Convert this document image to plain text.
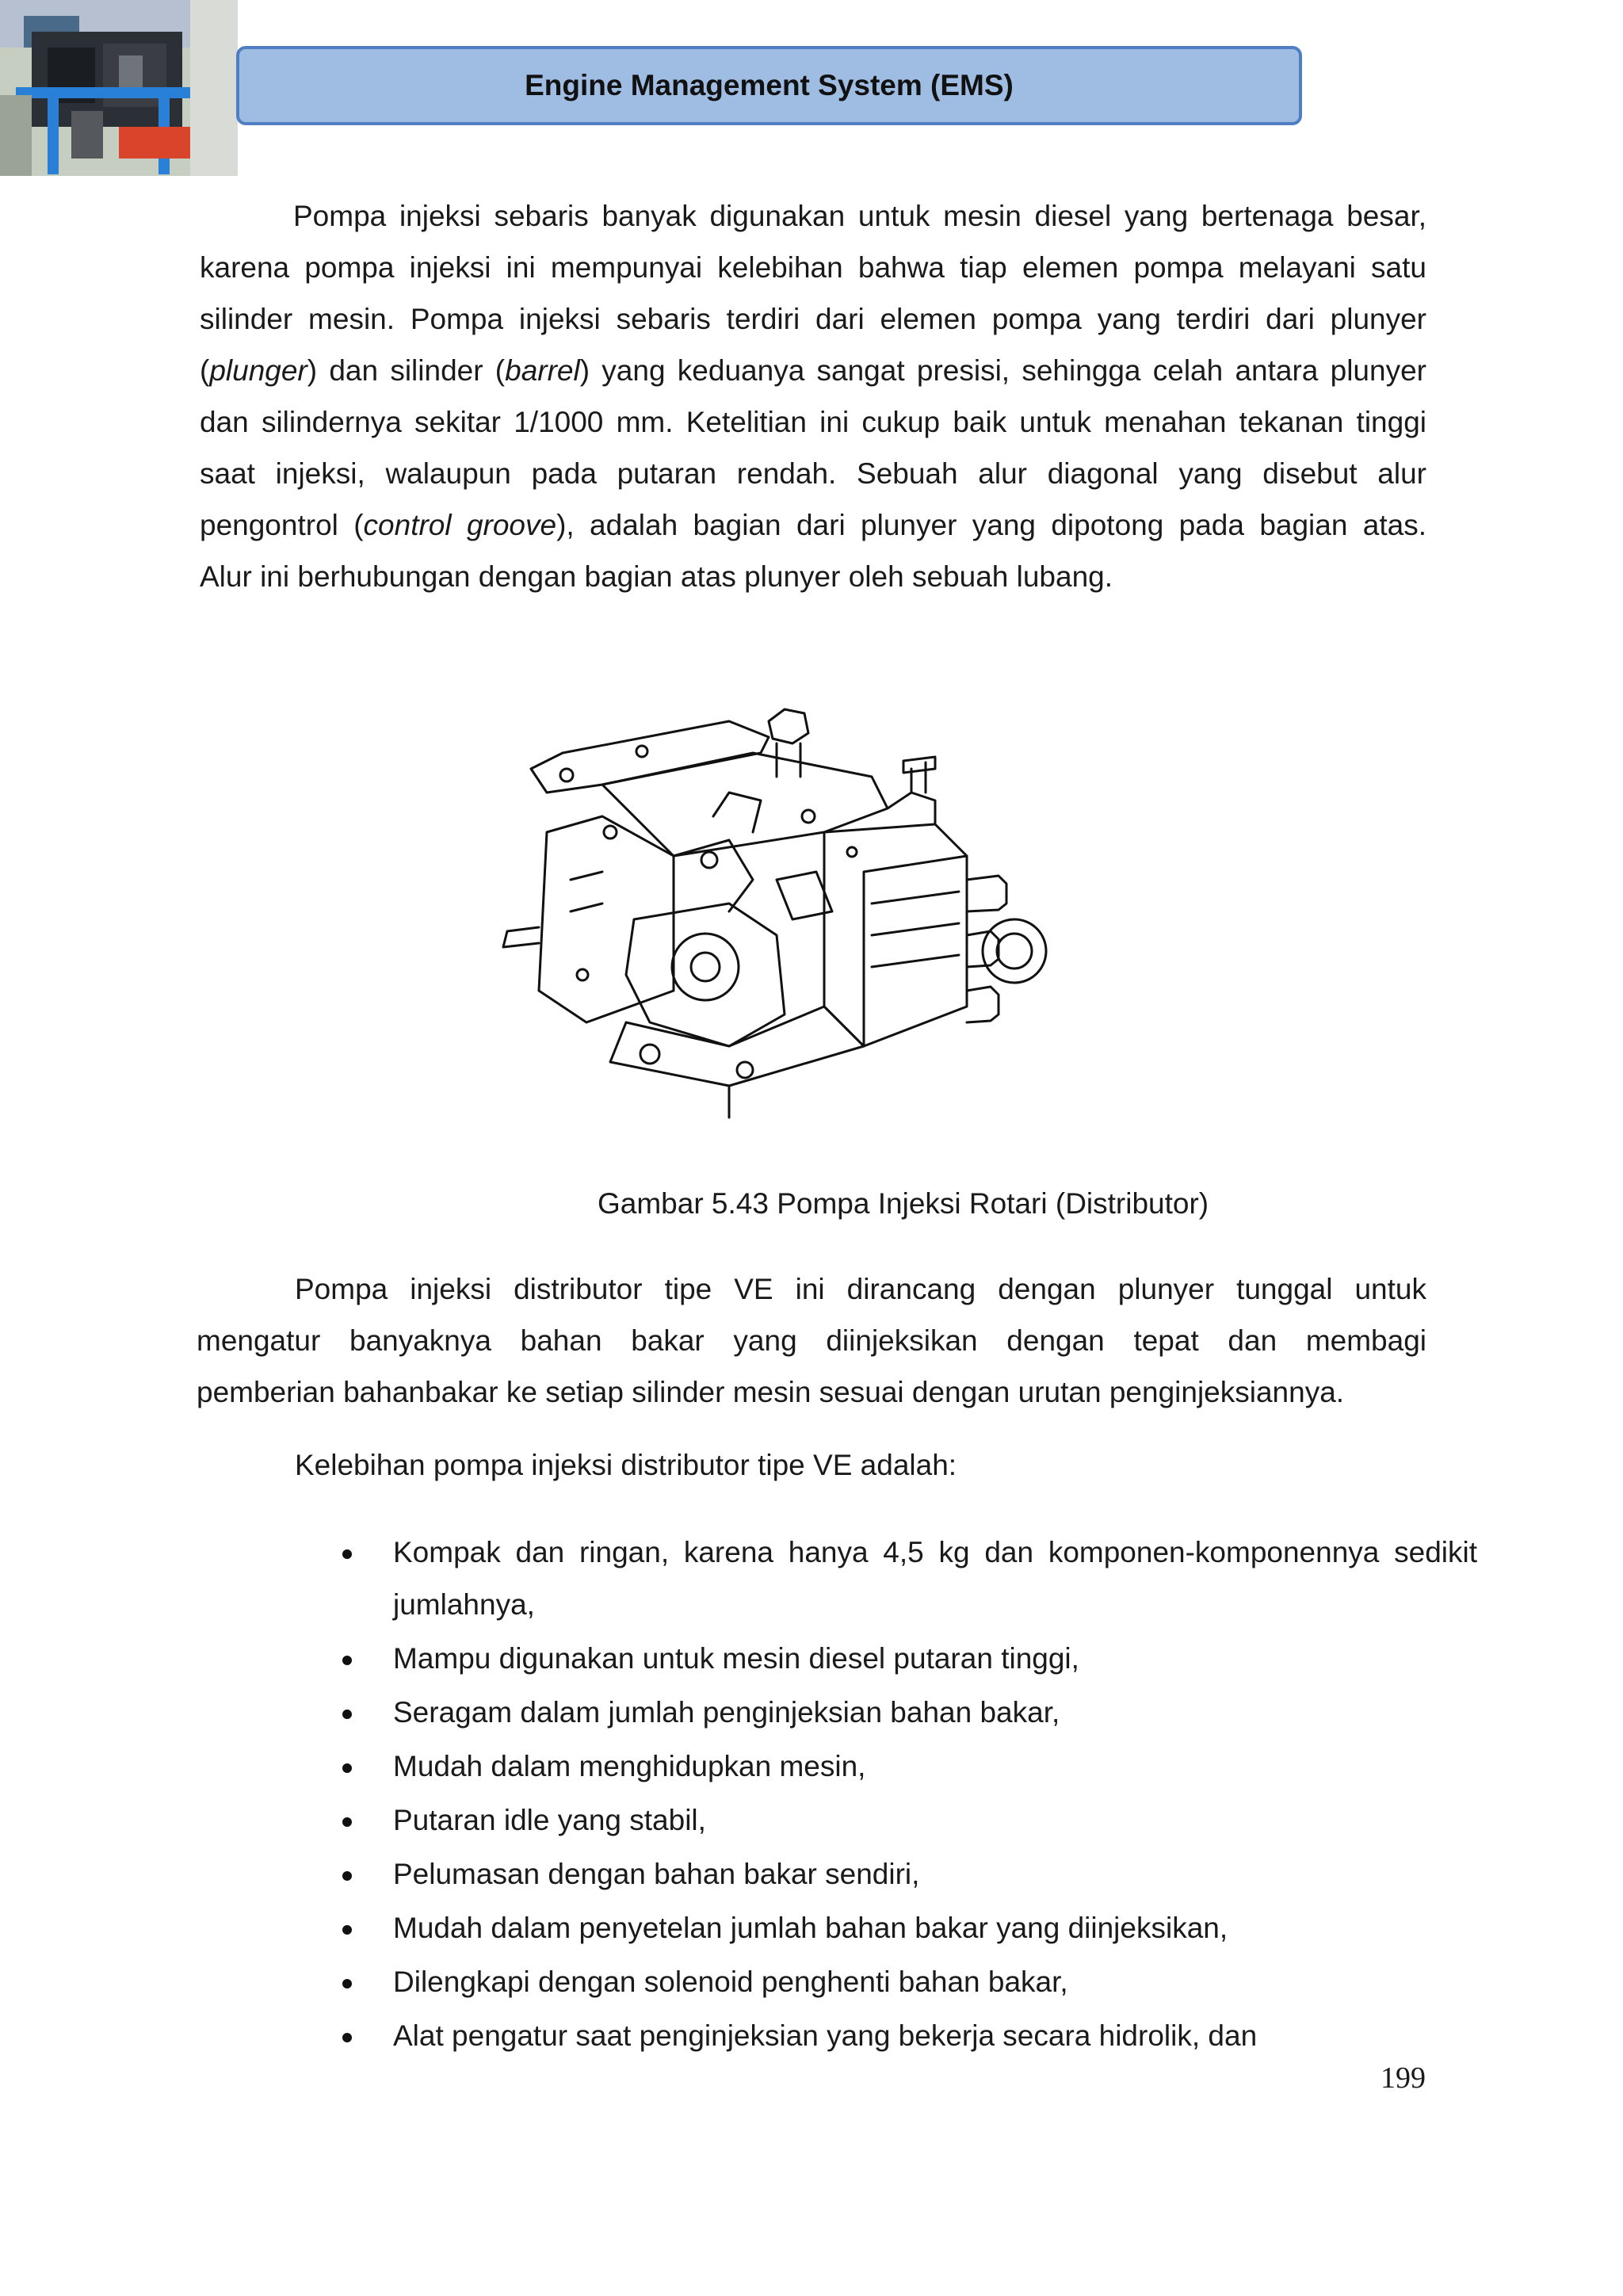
Engine Management System (EMS)
Pompa injeksi sebaris banyak digunakan untuk mesin diesel yang bertenaga besar,
karena pompa injeksi ini mempunyai kelebihan bahwa tiap elemen pompa melayani satu
silinder mesin. Pompa injeksi sebaris terdiri dari elemen pompa yang terdiri dari plunyer
(plunger) dan silinder (barrel) yang keduanya sangat presisi, sehingga celah antara plunyer
dan silindernya sekitar 1/1000 mm. Ketelitian ini cukup baik untuk menahan tekanan tinggi
saat injeksi, walaupun pada putaran rendah. Sebuah alur diagonal yang disebut alur
pengontrol (control groove), adalah bagian dari plunyer yang dipotong pada bagian atas.
Alur ini berhubungan dengan bagian atas plunyer oleh sebuah lubang.
Gambar 5.43 Pompa Injeksi Rotari (Distributor)
Pompa injeksi distributor tipe VE ini dirancang dengan plunyer tunggal untuk
mengatur banyaknya bahan bakar yang diinjeksikan dengan tepat dan membagi
pemberian bahanbakar ke setiap silinder mesin sesuai dengan urutan penginjeksiannya.
Kelebihan pompa injeksi distributor tipe VE adalah:
Kompak dan ringan, karena hanya 4,5 kg dan komponen-komponennya sedikit jumlahnya,
Mampu digunakan untuk mesin diesel putaran tinggi,
Seragam dalam jumlah penginjeksian bahan bakar,
Mudah dalam menghidupkan mesin,
Putaran idle yang stabil,
Pelumasan dengan bahan bakar sendiri,
Mudah dalam penyetelan jumlah bahan bakar yang diinjeksikan,
Dilengkapi dengan solenoid penghenti bahan bakar,
Alat pengatur saat penginjeksian yang bekerja secara hidrolik, dan
199
